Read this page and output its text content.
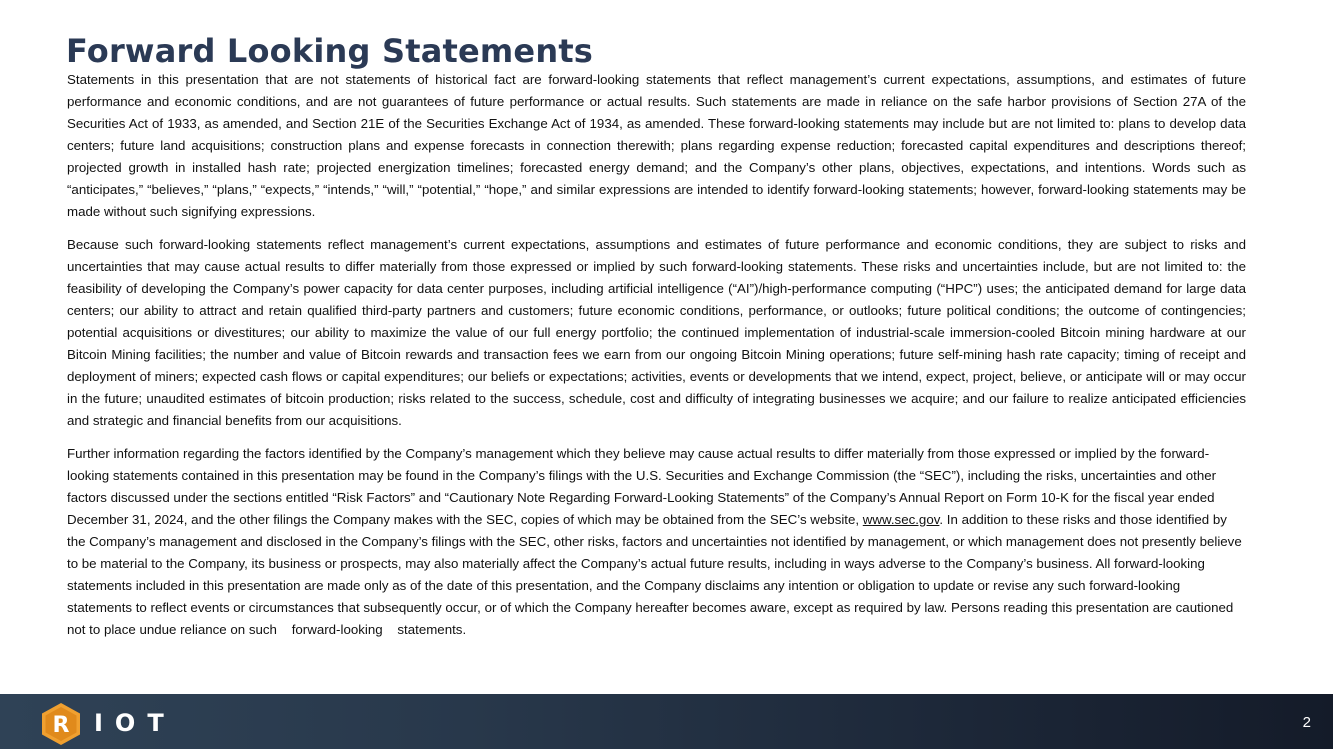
Forward Looking Statements

Statements in this presentation that are not statements of historical fact are forward-looking statements that reflect management’s current expectations, assumptions, and estimates of future performance and economic conditions, and are not guarantees of future performance or actual results. Such statements are made in reliance on the safe harbor provisions of Section 27A of the Securities Act of 1933, as amended, and Section 21E of the Securities Exchange Act of 1934, as amended. These forward-looking statements may include but are not limited to: plans to develop data centers; future land acquisitions; construction plans and expense forecasts in connection therewith; plans regarding expense reduction; forecasted capital expenditures and descriptions thereof; projected growth in installed hash rate; projected energization timelines; forecasted energy demand; and the Company’s other plans, objectives, expectations, and intentions. Words such as “anticipates,” “believes,” “plans,” “expects,” “intends,” “will,” “potential,” “hope,” and similar expressions are intended to identify forward-looking statements; however, forward-looking statements may be made without such signifying expressions.

Because such forward-looking statements reflect management’s current expectations, assumptions and estimates of future performance and economic conditions, they are subject to risks and uncertainties that may cause actual results to differ materially from those expressed or implied by such forward-looking statements. These risks and uncertainties include, but are not limited to: the feasibility of developing the Company’s power capacity for data center purposes, including artificial intelligence (“AI”)/high-performance computing (“HPC”) uses; the anticipated demand for large data centers; our ability to attract and retain qualified third-party partners and customers; future economic conditions, performance, or outlooks; future political conditions; the outcome of contingencies; potential acquisitions or divestitures; our ability to maximize the value of our full energy portfolio; the continued implementation of industrial-scale immersion-cooled Bitcoin mining hardware at our Bitcoin Mining facilities; the number and value of Bitcoin rewards and transaction fees we earn from our ongoing Bitcoin Mining operations; future self-mining hash rate capacity; timing of receipt and deployment of miners; expected cash flows or capital expenditures; our beliefs or expectations; activities, events or developments that we intend, expect, project, believe, or anticipate will or may occur in the future; unaudited estimates of bitcoin production; risks related to the success, schedule, cost and difficulty of integrating businesses we acquire; and our failure to realize anticipated efficiencies and strategic and financial benefits from our acquisitions.

Further information regarding the factors identified by the Company’s management which they believe may cause actual results to differ materially from those expressed or implied by the forward-looking statements contained in this presentation may be found in the Company’s filings with the U.S. Securities and Exchange Commission (the “SEC”), including the risks, uncertainties and other factors discussed under the sections entitled “Risk Factors” and “Cautionary Note Regarding Forward-Looking Statements” of the Company’s Annual Report on Form 10-K for the fiscal year ended December 31, 2024, and the other filings the Company makes with the SEC, copies of which may be obtained from the SEC’s website, www.sec.gov. In addition to these risks and those identified by the Company’s management and disclosed in the Company’s filings with the SEC, other risks, factors and uncertainties not identified by management, or which management does not presently believe to be material to the Company, its business or prospects, may also materially affect the Company’s actual future results, including in ways adverse to the Company’s business. All forward-looking statements included in this presentation are made only as of the date of this presentation, and the Company disclaims any intention or obligation to update or revise any such forward-looking statements to reflect events or circumstances that subsequently occur, or of which the Company hereafter becomes aware, except as required by law. Persons reading this presentation are cautioned not to place undue reliance on such    forward-looking    statements.

R IOT	2
